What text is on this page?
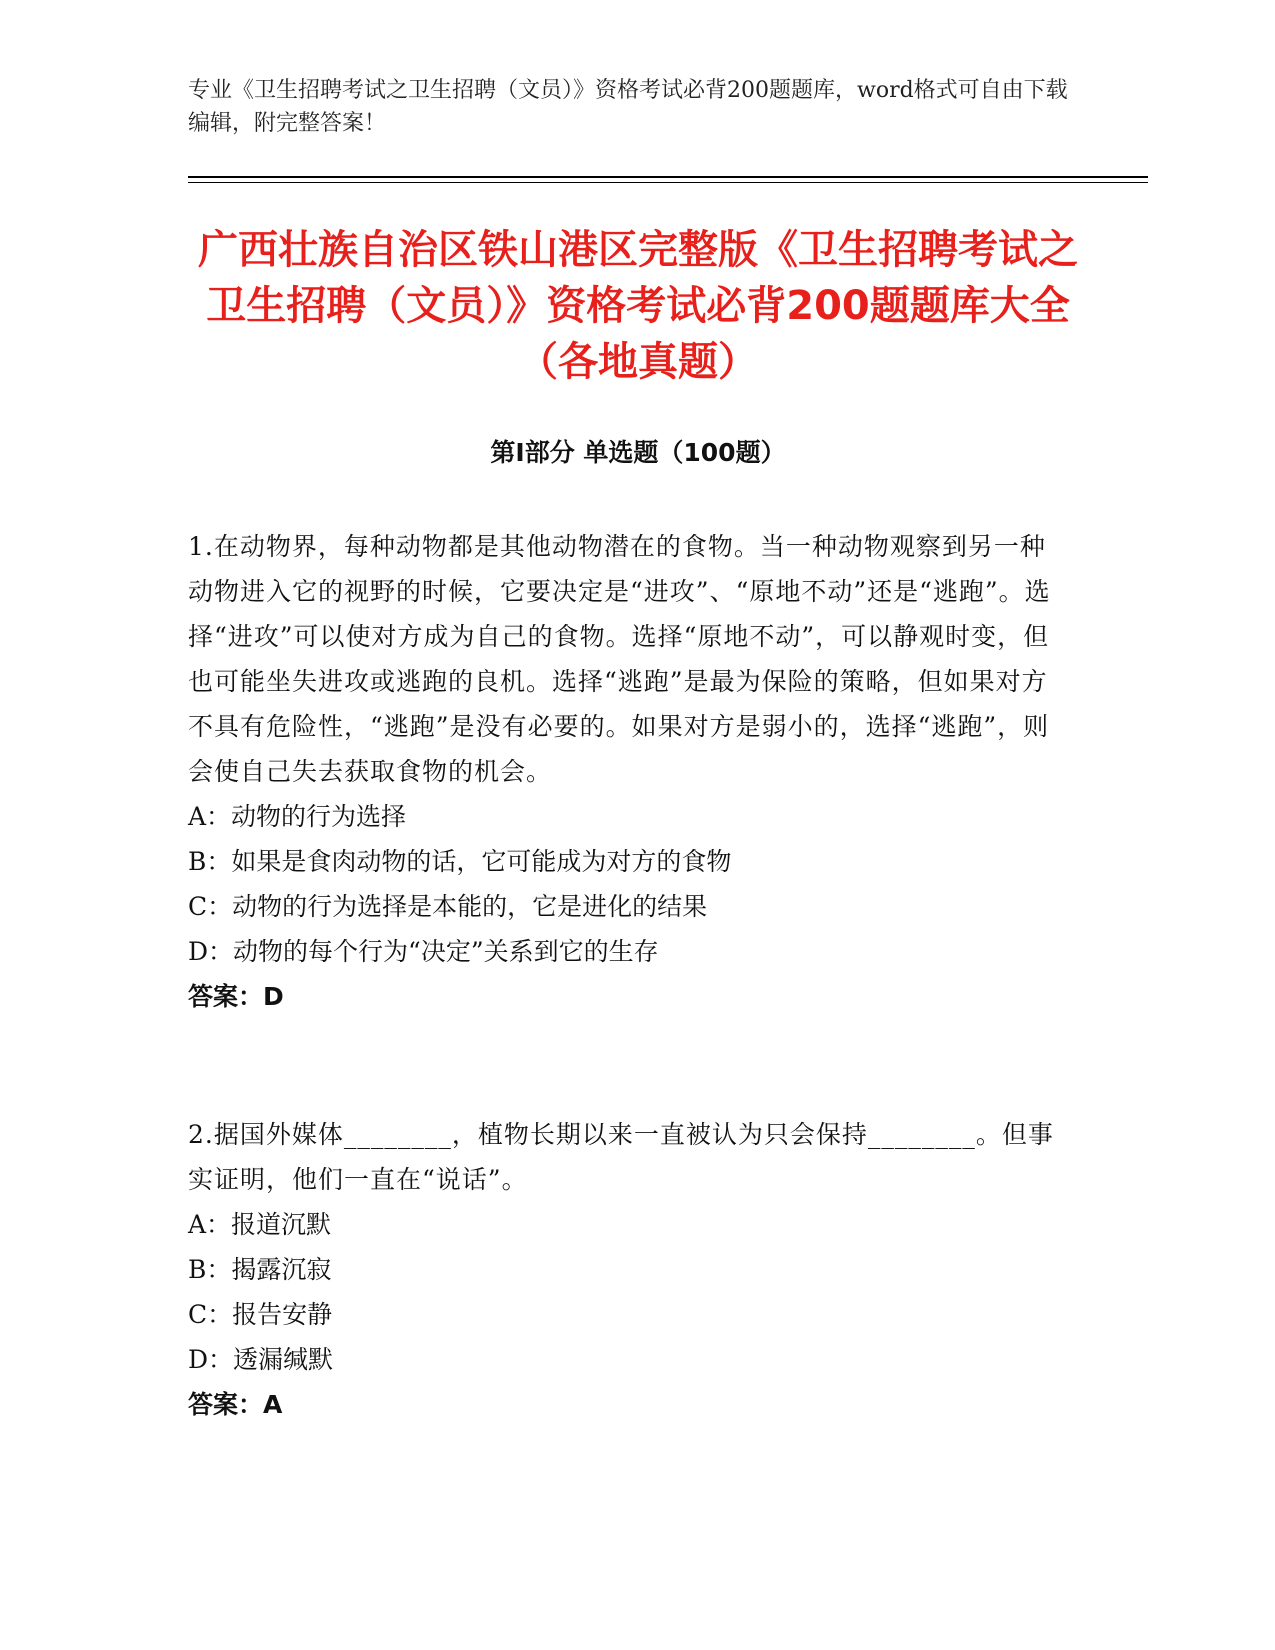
专业《卫生招聘考试之卫生招聘（文员）》资格考试必背200题题库，word格式可自由下载编辑，附完整答案！
广西壮族自治区铁山港区完整版《卫生招聘考试之卫生招聘（文员）》资格考试必背200题题库大全（各地真题）
第Ⅰ部分 单选题（100题）
1.在动物界，每种动物都是其他动物潜在的食物。当一种动物观察到另一种动物进入它的视野的时候，它要决定是“进攻”、“原地不动”还是“逃跑”。选择“进攻”可以使对方成为自己的食物。选择“原地不动”，可以静观时变，但也可能坐失进攻或逃跑的良机。选择“逃跑”是最为保险的策略，但如果对方不具有危险性，“逃跑”是没有必要的。如果对方是弱小的，选择“逃跑”，则会使自己失去获取食物的机会。
A：动物的行为选择
B：如果是食肉动物的话，它可能成为对方的食物
C：动物的行为选择是本能的，它是进化的结果
D：动物的每个行为“决定”关系到它的生存
答案：D
2.据国外媒体________，植物长期以来一直被认为只会保持________。但事实证明，他们一直在“说话”。
A：报道沉默
B：揭露沉寂
C：报告安静
D：透漏缄默
答案：A
